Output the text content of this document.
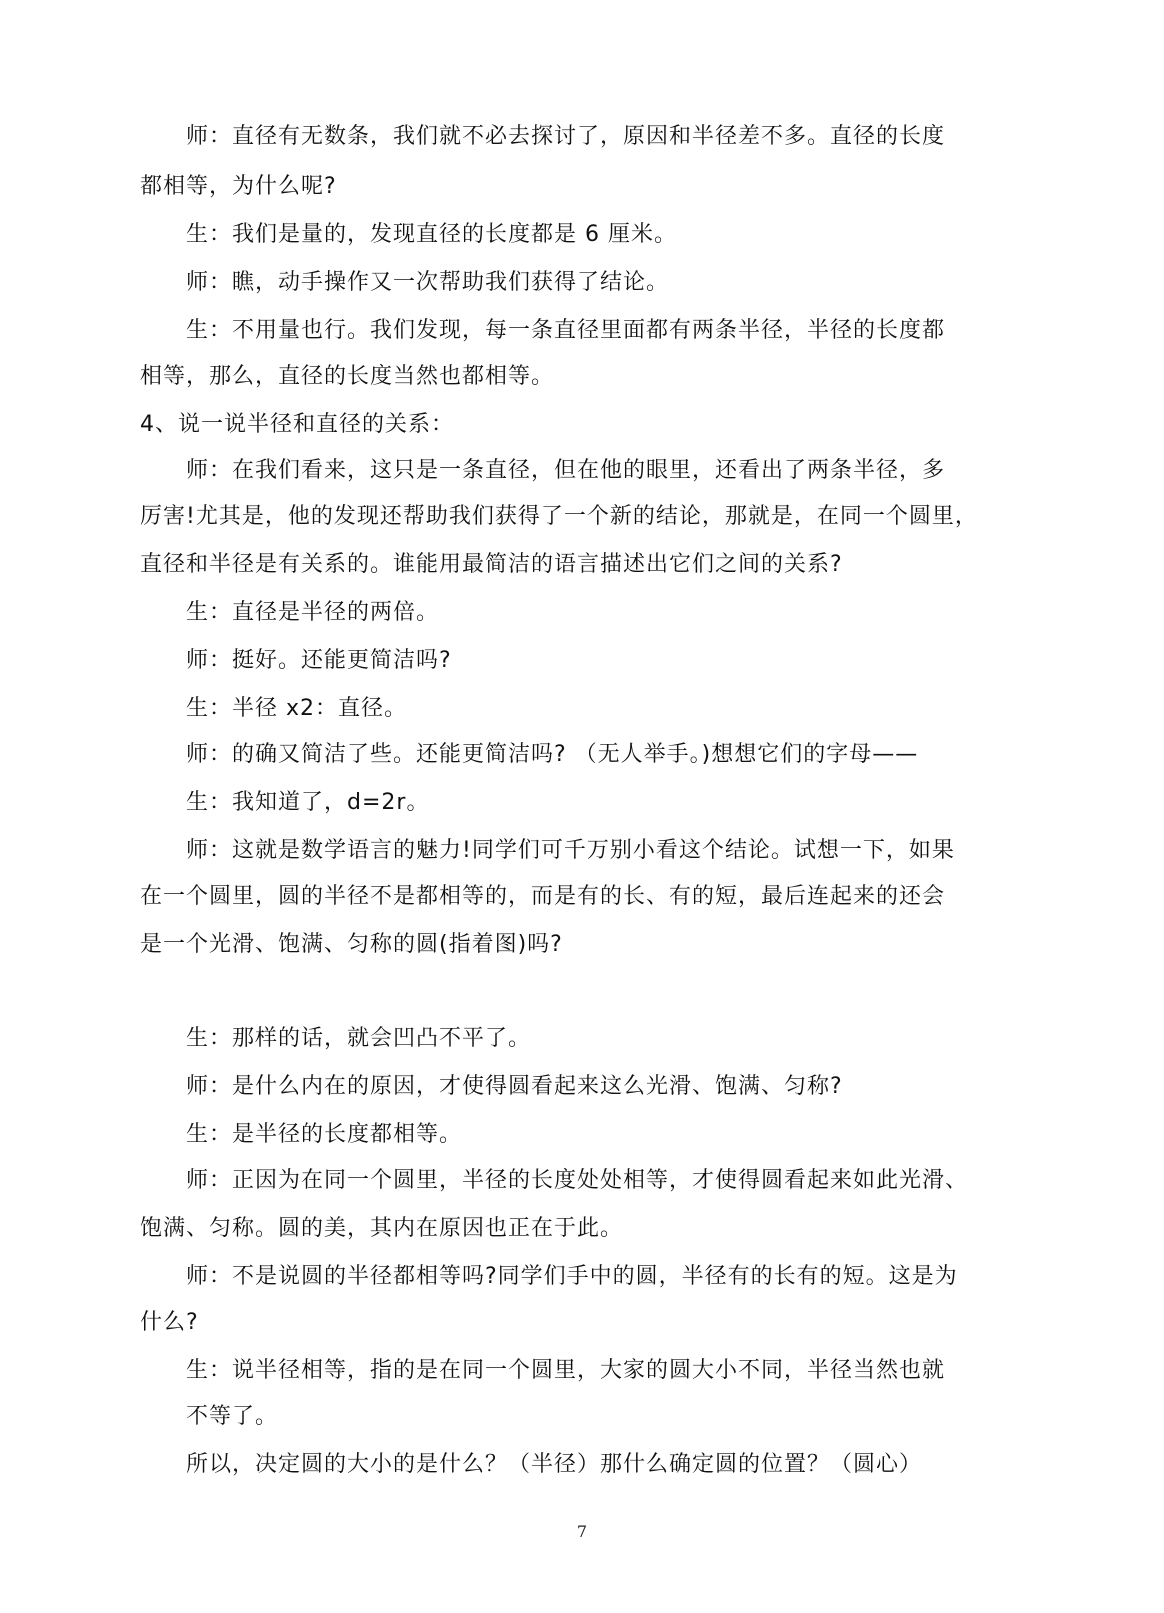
师：直径有无数条，我们就不必去探讨了，原因和半径差不多。直径的长度
都相等，为什么呢?
生：我们是量的，发现直径的长度都是 6 厘米。
师：瞧，动手操作又一次帮助我们获得了结论。
生：不用量也行。我们发现，每一条直径里面都有两条半径，半径的长度都
相等，那么，直径的长度当然也都相等。
4、说一说半径和直径的关系：
师：在我们看来，这只是一条直径，但在他的眼里，还看出了两条半径，多
厉害!尤其是，他的发现还帮助我们获得了一个新的结论，那就是，在同一个圆里，
直径和半径是有关系的。谁能用最简洁的语言描述出它们之间的关系?
生：直径是半径的两倍。
师：挺好。还能更简洁吗?
生：半径 x2：直径。
师：的确又简洁了些。还能更简洁吗? （无人举手。)想想它们的字母——
生：我知道了，d=2r。
师：这就是数学语言的魅力!同学们可千万别小看这个结论。试想一下，如果
在一个圆里，圆的半径不是都相等的，而是有的长、有的短，最后连起来的还会
是一个光滑、饱满、匀称的圆(指着图)吗?
生：那样的话，就会凹凸不平了。
师：是什么内在的原因，才使得圆看起来这么光滑、饱满、匀称?
生：是半径的长度都相等。
师：正因为在同一个圆里，半径的长度处处相等，才使得圆看起来如此光滑、
饱满、匀称。圆的美，其内在原因也正在于此。
师：不是说圆的半径都相等吗?同学们手中的圆，半径有的长有的短。这是为
什么?
生：说半径相等，指的是在同一个圆里，大家的圆大小不同，半径当然也就
不等了。
所以，决定圆的大小的是什么？（半径）那什么确定圆的位置？（圆心）
7
